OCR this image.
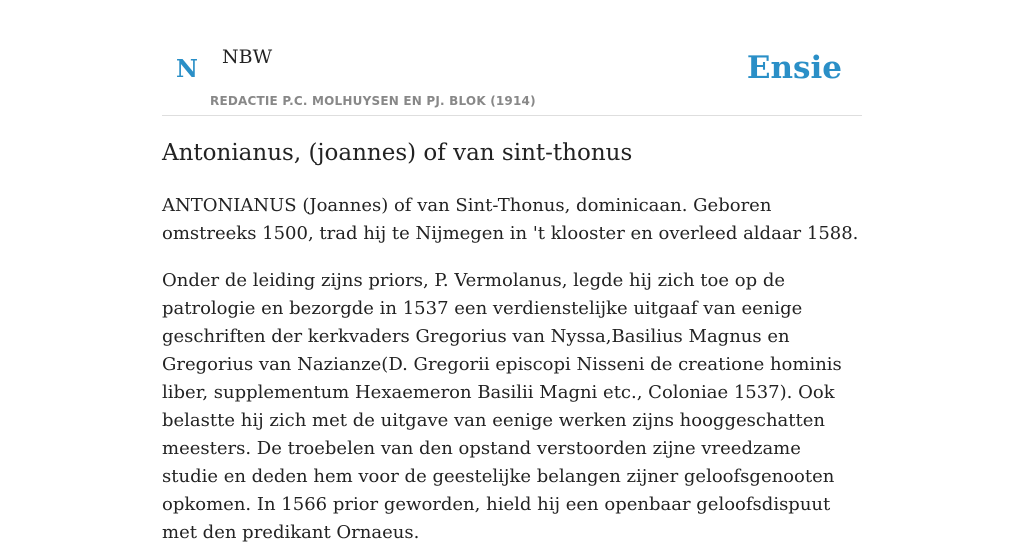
N NBW
REDACTIE P.C. MOLHUYSEN EN PJ. BLOK (1914)
Ensie
Antonianus, (joannes) of van sint-thonus

ANTONIANUS (Joannes) of van Sint-Thonus, dominicaan. Geboren omstreeks 1500, trad hij te Nijmegen in 't klooster en overleed aldaar 1588.

Onder de leiding zijns priors, P. Vermolanus, legde hij zich toe op de patrologie en bezorgde in 1537 een verdienstelijke uitgaaf van eenige geschriften der kerkvaders Gregorius van Nyssa,Basilius Magnus en Gregorius van Nazianze(D. Gregorii episcopi Nisseni de creatione hominis liber, supplementum Hexaemeron Basilii Magni etc., Coloniae 1537). Ook belastte hij zich met de uitgave van eenige werken zijns hooggeschatten meesters. De troebelen van den opstand verstoorden zijne vreedzame studie en deden hem voor de geestelijke belangen zijner geloofsgenooten opkomen. In 1566 prior geworden, hield hij een openbaar geloofsdispuut met den predikant Ornaeus.
